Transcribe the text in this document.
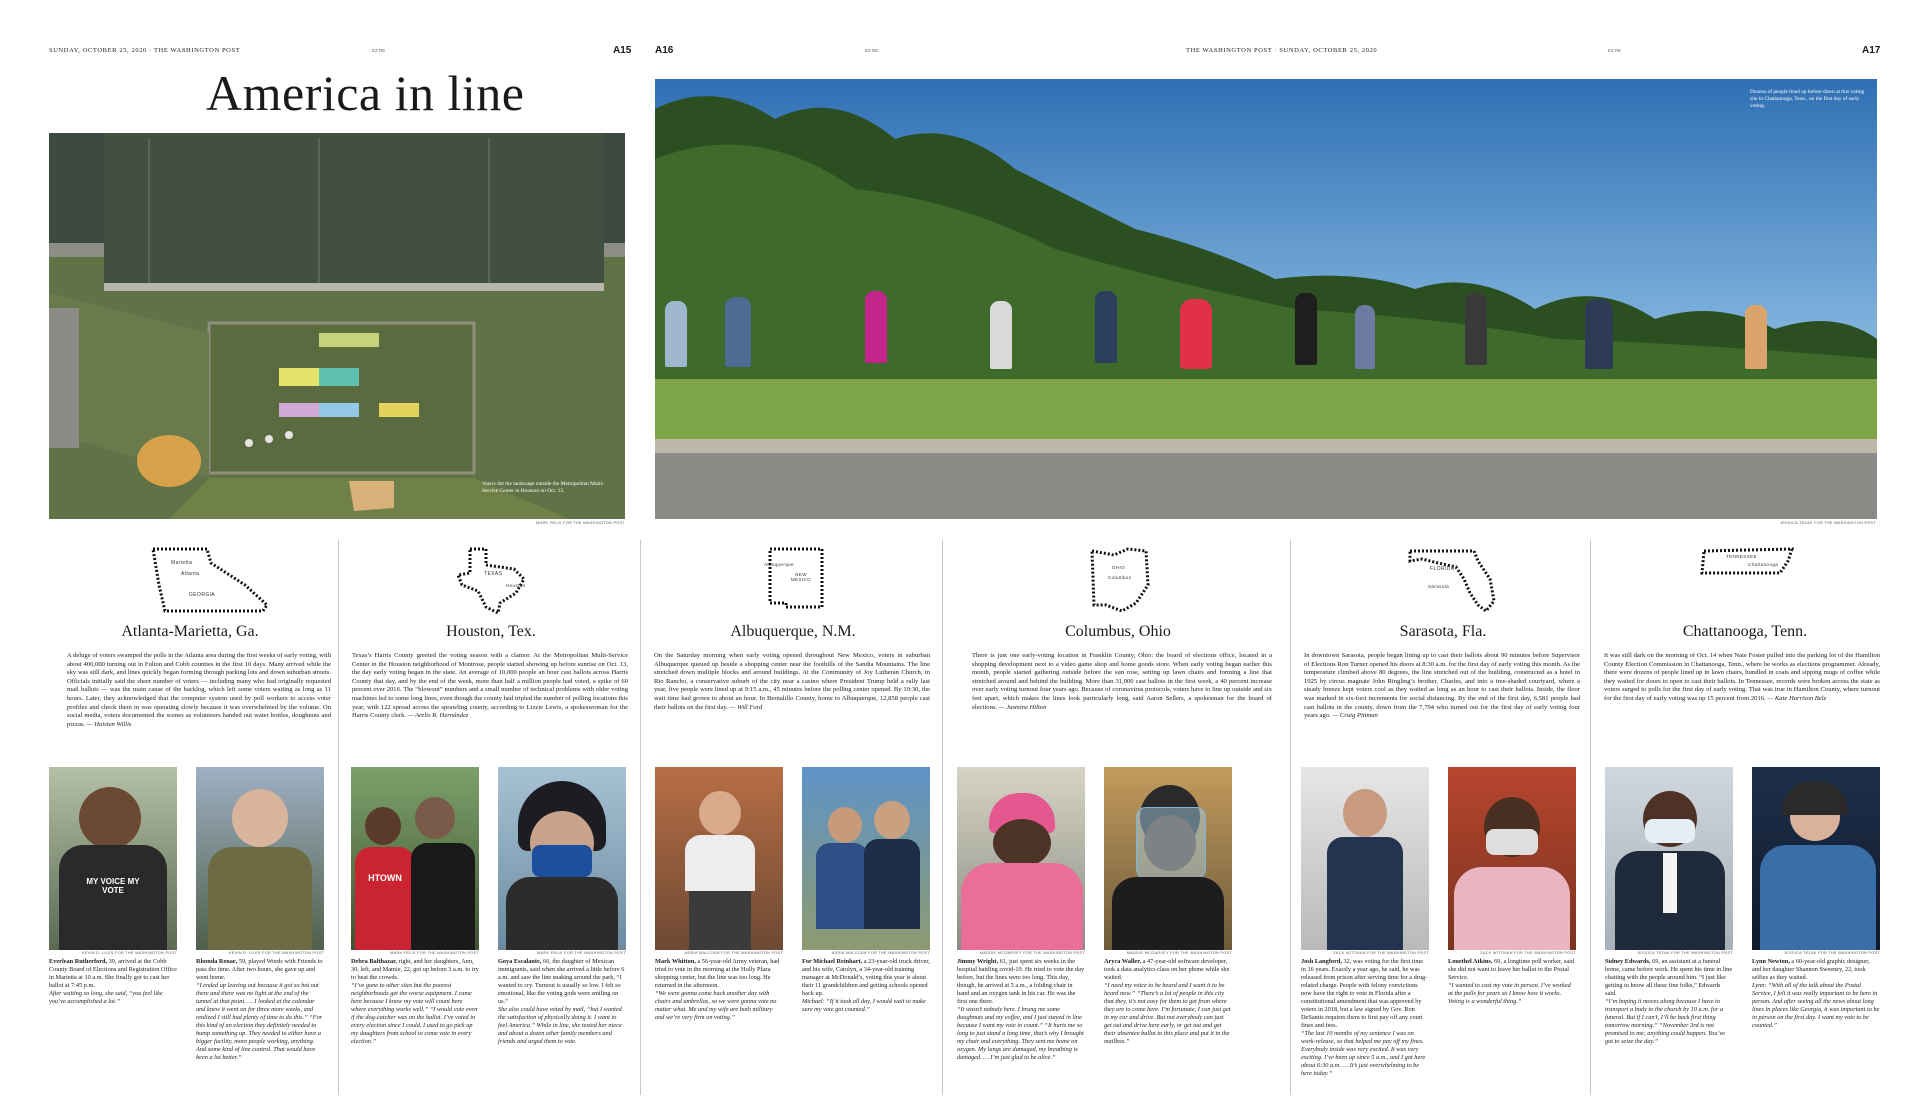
SUNDAY, OCTOBER 25, 2020 · THE WASHINGTON POST	EZ RE	A15 A16	EZ RE	THE WASHINGTON POST · SUNDAY, OCTOBER 25, 2020	EZ RE	A17
America in line
Voters dot the landscape outside the Metropolitan Multi-Service Center in Houston on Oct. 13.
MARK FELIX FOR THE WASHINGTON POST
Dozens of people lined up before dawn at this voting site in Chattanooga, Tenn., on the first day of early voting.
JESSICA TEZAK FOR THE WASHINGTON POST
Marietta
Atlanta
GEORGIA
Atlanta-Marietta, Ga.
A deluge of voters swamped the polls in the Atlanta area during the first weeks of early voting, with about 400,000 turning out in Fulton and Cobb counties in the first 10 days. Many arrived while the sky was still dark, and lines quickly began forming through parking lots and down suburban streets. Officials initially said the sheer number of voters — including many who had originally requested mail ballots — was the main cause of the backlog, which left some voters waiting as long as 11 hours. Later, they acknowledged that the computer system used by poll workers to access voter profiles and check them in was operating slowly because it was overwhelmed by the volume. On social media, voters documented the scenes as volunteers handed out water bottles, doughnuts and pizzas. — Haisten Willis
TEXAS
Houston
Houston, Tex.
Texas’s Harris County greeted the voting season with a clamor. At the Metropolitan Multi-Service Center in the Houston neighborhood of Montrose, people started showing up before sunrise on Oct. 13, the day early voting began in the state. An average of 10,000 people an hour cast ballots across Harris County that day, and by the end of the week, more than half a million people had voted, a spike of 60 percent over 2016. The “blowout” numbers and a small number of technical problems with older voting machines led to some long lines, even though the county had tripled the number of polling locations this year, with 122 spread across the sprawling county, according to Lizzie Lewis, a spokeswoman for the Harris County clerk. — Arelis R. Hernández
Albuquerque
NEW MEXICO
Albuquerque, N.M.
On the Saturday morning when early voting opened throughout New Mexico, voters in suburban Albuquerque queued up beside a shopping center near the foothills of the Sandia Mountains. The line stretched down multiple blocks and around buildings. At the Community of Joy Lutheran Church, in Rio Rancho, a conservative suburb of the city near a casino where President Trump held a rally last year, five people were lined up at 9:15 a.m., 45 minutes before the polling center opened. By 10:30, the wait time had grown to about an hour. In Bernalillo County, home to Albuquerque, 12,858 people cast their ballots on the first day. — Will Ford
OHIO
Columbus
Columbus, Ohio
There is just one early-voting location in Franklin County, Ohio: the board of elections office, located in a shopping development next to a video game shop and home goods store. When early voting began earlier this month, people started gathering outside before the sun rose, setting up lawn chairs and forming a line that stretched around and behind the building. More than 31,000 cast ballots in the first week, a 40 percent increase over early voting turnout four years ago. Because of coronavirus protocols, voters have to line up outside and six feet apart, which makes the lines look particularly long, said Aaron Sellers, a spokesman for the board of elections. — Jasmine Hilton
FLORIDA
Sarasota
Sarasota, Fla.
In downtown Sarasota, people began lining up to cast their ballots about 90 minutes before Supervisor of Elections Ron Turner opened his doors at 8:30 a.m. for the first day of early voting this month. As the temperature climbed above 80 degrees, the line stretched out of the building, constructed as a hotel in 1925 by circus magnate John Ringling’s brother, Charles, and into a tree-shaded courtyard, where a steady breeze kept voters cool as they waited as long as an hour to cast their ballots. Inside, the floor was marked in six-foot increments for social distancing. By the end of the first day, 6,581 people had cast ballots in the county, down from the 7,794 who turned out for the first day of early voting four years ago. — Craig Pittman
TENNESSEE
Chattanooga
Chattanooga, Tenn.
It was still dark on the morning of Oct. 14 when Nate Foster pulled into the parking lot of the Hamilton County Election Commission in Chattanooga, Tenn., where he works as elections programmer. Already, there were dozens of people lined up in lawn chairs, bundled in coats and sipping mugs of coffee while they waited for doors to open to cast their ballots. In Tennessee, records were broken across the state as voters surged to polls for the first day of early voting. That was true in Hamilton County, where turnout for the first day of early voting was up 15 percent from 2016. — Kate Harrison Belz
MY VOICE MY VOTE
HTOWN
KEVIN D. LILES FOR THE WASHINGTON POST	KEVIN D. LILES FOR THE WASHINGTON POST	MARK FELIX FOR THE WASHINGTON POST	MARK FELIX FOR THE WASHINGTON POST	ADRIA MALCOLM FOR THE WASHINGTON POST	ADRIA MALCOLM FOR THE WASHINGTON POST	MADDIE MCGARVEY FOR THE WASHINGTON POST	MADDIE MCGARVEY FOR THE WASHINGTON POST	ZACK WITTMAN FOR THE WASHINGTON POST	ZACK WITTMAN FOR THE WASHINGTON POST	JESSICA TEZAK FOR THE WASHINGTON POST	JESSICA TEZAK FOR THE WASHINGTON POST
Everlean Rutherford, 39, arrived at the Cobb County Board of Elections and Registration Office in Marietta at 10 a.m. She finally got to cast her ballot at 7:45 p.m.
After waiting so long, she said, “you feel like you’ve accomplished a lot.”
Rhonda Renae, 59, played Words with Friends to pass the time. After two hours, she gave up and went home.
“I ended up leaving out because it got so hot out there and there was no light at the end of the tunnel at that point. … I looked at the calendar and knew it went on for three more weeks, and realized I still had plenty of time to do this.” “For this kind of an election they definitely needed to bump something up. They needed to either have a bigger facility, more people working, anything. And some kind of line control. That would have been a lot better.”
Debra Balthazar, right, and her daughters, Ann, 30, left, and Mamie, 22, got up before 3 a.m. to try to beat the crowds.
“I’ve gone to other sites but the poorest neighborhoods get the worse equipment. I came here because I know my vote will count here where everything works well.” “I would vote even if the dog-catcher was on the ballot. I’ve voted in every election since I could. I used to go pick up my daughters from school to come vote in every election.”
Goya Escalante, 66, the daughter of Mexican immigrants, said when she arrived a little before 6 a.m. and saw the line snaking around the park, “I wanted to cry. Turnout is usually so low. I felt so emotional, like the voting gods were smiling on us.”
She also could have voted by mail, “but I wanted the satisfaction of physically doing it. I want to feel America.” While in line, she texted her niece and about a dozen other family members and friends and urged them to vote.
Mark Whitton, a 56-year-old Army veteran, had tried to vote in the morning at the Holly Plaza shopping center, but the line was too long. He returned in the afternoon.
“We were gonna come back another day with chairs and umbrellas, so we were gonna vote no matter what. Me and my wife are both military and we’re very firm on voting.”
For Michael Reinhart, a 23-year-old truck driver, and his wife, Carolyn, a 34-year-old training manager at McDonald’s, voting this year is about their 11 grandchildren and getting schools opened back up.
Michael: “If it took all day, I would wait to make sure my vote got counted.”
Jimmy Wright, 61, just spent six weeks in the hospital battling covid-19. He tried to vote the day before, but the lines were too long. This day, though, he arrived at 5 a.m., a folding chair in hand and an oxygen tank in his car. He was the first one there.
“It wasn’t nobody here. I brung me some doughnuts and my coffee, and I just stayed in line because I want my vote to count.” “It hurts me so long to just stand a long time, that’s why I brought my chair and everything. They sent me home on oxygen. My lungs are damaged, my breathing is damaged. … I’m just glad to be alive.”
Aryca Waller, a 47-year-old software developer, took a data analytics class on her phone while she waited.
“I need my voice to be heard and I want it to be heard now.” “There’s a lot of people in this city that they, it’s not easy for them to get from where they are to come here. I’m fortunate, I can just get in my car and drive. But not everybody can just get out and drive here early, or get out and get their absentee ballot to this place and put it in the mailbox.”
Josh Langford, 32, was voting for the first time in 16 years. Exactly a year ago, he said, he was released from prison after serving time for a drug-related charge. People with felony convictions now have the right to vote in Florida after a constitutional amendment that was approved by voters in 2018, but a law signed by Gov. Ron DeSantis requires them to first pay off any court fines and fees.
“The last 10 months of my sentence I was on work-release, so that helped me pay off my fines. Everybody inside was very excited. It was very exciting. I’ve been up since 5 a.m., and I got here about 6:30 a.m. … It’s just overwhelming to be here today.”
Louethel Atkins, 69, a longtime poll worker, said she did not want to leave her ballot to the Postal Service.
“I wanted to cast my vote in person. I’ve worked at the polls for years so I know how it works. Voting is a wonderful thing.”
Sidney Edwards, 69, an assistant at a funeral home, came before work. He spent his time in line chatting with the people around him. “I just like getting to know all these fine folks,” Edwards said.
“I’m hoping it moves along because I have to transport a body to the church by 10 a.m. for a funeral. But if I can’t, I’ll be back first thing tomorrow morning.” “November 3rd is not promised to me; anything could happen. You’ve got to seize the day.”
Lynn Newton, a 60-year-old graphic designer, and her daughter Shannon Sweeney, 22, took selfies as they waited.
Lynn: “With all of the talk about the Postal Service, I felt it was really important to be here in person. And after seeing all the news about long lines in places like Georgia, it was important to be in person on the first day. I want my vote to be counted.”
